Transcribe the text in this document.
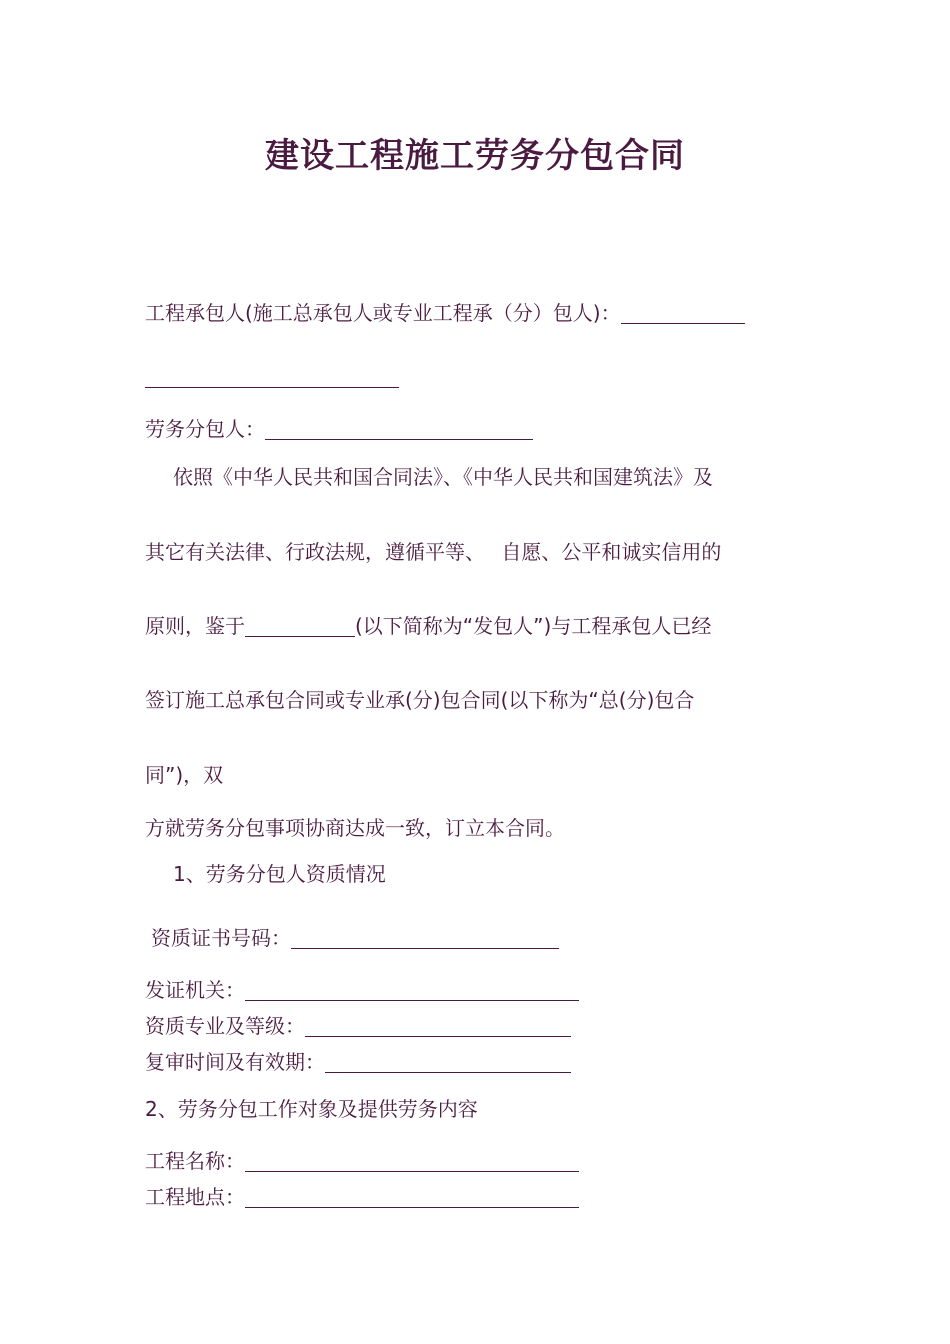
建设工程施工劳务分包合同
工程承包人(施工总承包人或专业工程承（分）包人)：
劳务分包人：
依照《中华人民共和国合同法》、《中华人民共和国建筑法》及
其它有关法律、行政法规，遵循平等、　 自愿、公平和诚实信用的
原则，鉴于	(以下简称为“发包人”)与工程承包人已经
签订施工总承包合同或专业承(分)包合同(以下称为“总(分)包合
同”)，双
方就劳务分包事项协商达成一致，订立本合同。
1、劳务分包人资质情况
资质证书号码：
发证机关：
资质专业及等级：
复审时间及有效期：
2、劳务分包工作对象及提供劳务内容
工程名称：
工程地点：
